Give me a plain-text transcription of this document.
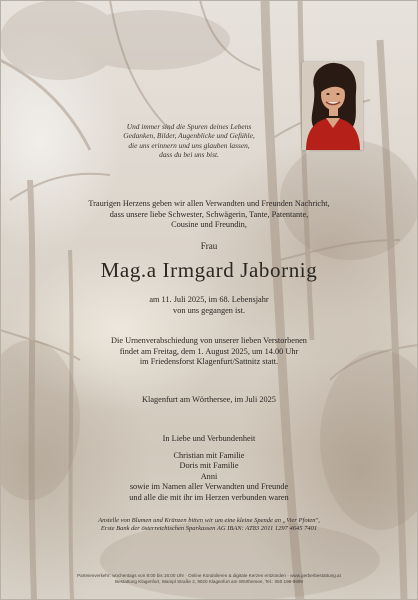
Und immer sind die Spuren deines Lebens
Gedanken, Bilder, Augenblicke und Gefühle,
die uns erinnern und uns glauben lassen,
dass du bei uns bist.
Traurigen Herzens geben wir allen Verwandten und Freunden Nachricht,
dass unsere liebe Schwester, Schwägerin, Tante, Patentante,
Cousine und Freundin,
Frau
Mag.a Irmgard Jabornig
am 11. Juli 2025, im 68. Lebensjahr
von uns gegangen ist.
Die Urnenverabschiedung von unserer lieben Verstorbenen
findet am Freitag, dem 1. August 2025, um 14.00 Uhr
im Friedensforst Klagenfurt/Sattnitz statt.
Klagenfurt am Wörthersee, im Juli 2025
In Liebe und Verbundenheit
Christian mit Familie
Doris mit Familie
Anni
sowie im Namen aller Verwandten und Freunde
und alle die mit ihr im Herzen verbunden waren
Anstelle von Blumen und Kränzen bitten wir um eine kleine Spende an „Vier Pfoten",
Erste Bank der österreichischen Sparkassen AG IBAN: AT83 2011 1297 4645 7401
Parteienverkehr: wochentags von 8:00 bis 16:00 Uhr · Online Kondolieren & digitale Kerzen entzünden · www.gerberbestattung.at
Bestattung Klagenfurt, Wampl Straße 2, 9020 Klagenfurt am Wörthersee, Tel.: 050 198-9999
